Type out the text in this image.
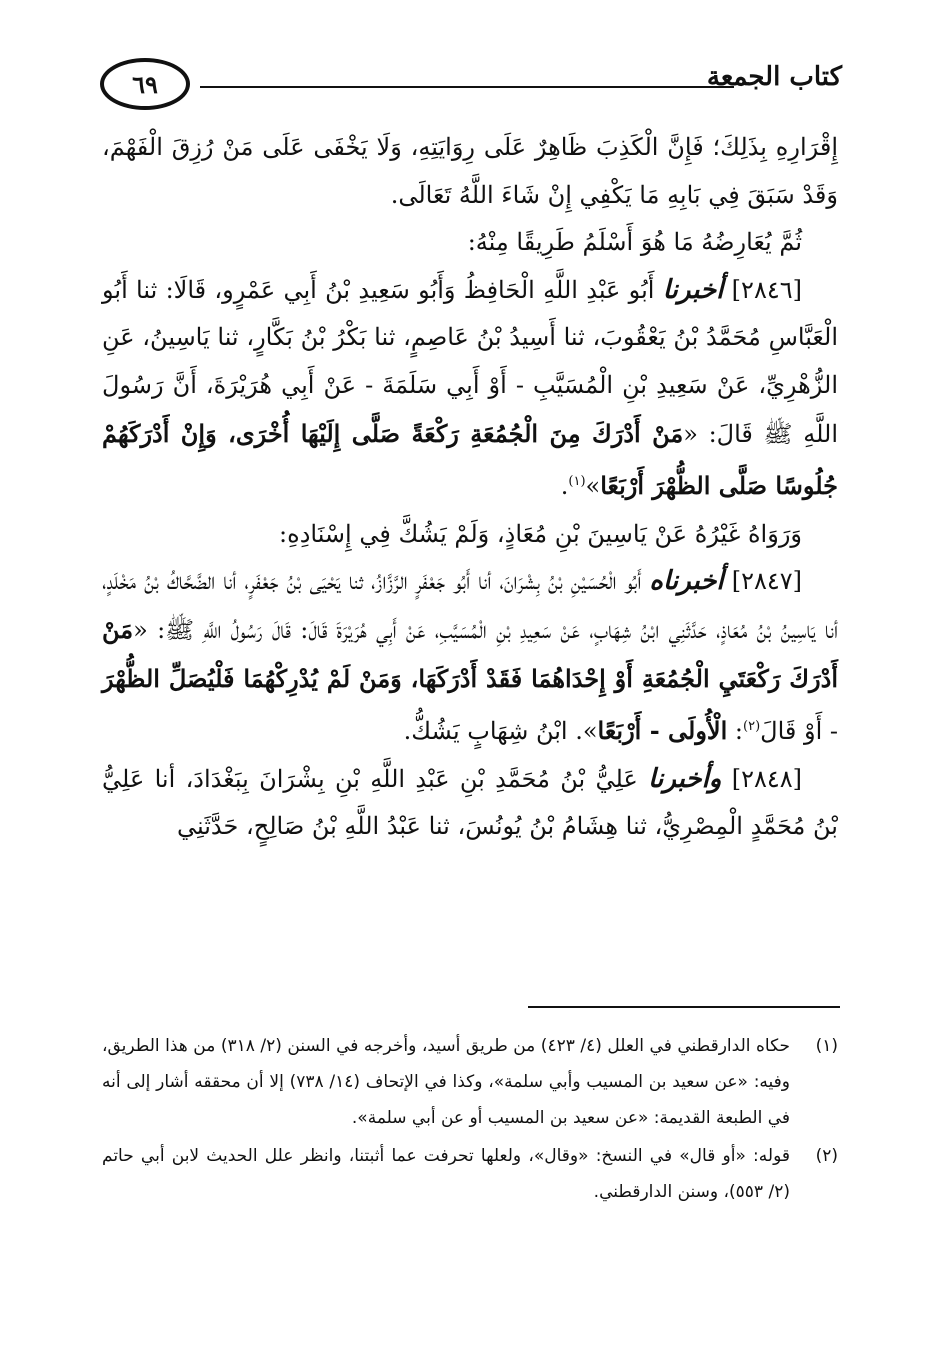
٦٩	كتاب الجمعة

إِقْرَارِهِ بِذَلِكَ؛ فَإِنَّ الْكَذِبَ ظَاهِرٌ عَلَى رِوَايَتِهِ، وَلَا يَخْفَى عَلَى مَنْ رُزِقَ الْفَهْمَ، وَقَدْ سَبَقَ فِي بَابِهِ مَا يَكْفِي إِنْ شَاءَ اللَّهُ تَعَالَى.

ثُمَّ يُعَارِضُهُ مَا هُوَ أَسْلَمُ طَرِيقًا مِنْهُ:

[٢٨٤٦] أخبرنا أَبُو عَبْدِ اللَّهِ الْحَافِظُ وَأَبُو سَعِيدِ بْنُ أَبِي عَمْرٍو، قَالَا: ثنا أَبُو الْعَبَّاسِ مُحَمَّدُ بْنُ يَعْقُوبَ، ثنا أَسِيدُ بْنُ عَاصِمٍ، ثنا بَكْرُ بْنُ بَكَّارٍ، ثنا يَاسِينُ، عَنِ الزُّهْرِيِّ، عَنْ سَعِيدِ بْنِ الْمُسَيَّبِ - أَوْ أَبِي سَلَمَةَ - عَنْ أَبِي هُرَيْرَةَ، أَنَّ رَسُولَ اللَّهِ ﷺ قَالَ: «مَنْ أَدْرَكَ مِنَ الْجُمُعَةِ رَكْعَةً صَلَّى إِلَيْهَا أُخْرَى، وَإِنْ أَدْرَكَهُمْ جُلُوسًا صَلَّى الظُّهْرَ أَرْبَعًا»$^{(١)}$.

وَرَوَاهُ غَيْرُهُ عَنْ يَاسِينَ بْنِ مُعَاذٍ، وَلَمْ يَشُكَّ فِي إِسْنَادِهِ:

[٢٨٤٧] أخبرناه أَبُو الْحُسَيْنِ بْنُ بِشْرَانَ، أنا أَبُو جَعْفَرٍ الرَّزَّازُ، ثنا يَحْيَى بْنُ جَعْفَرٍ، أنا الضَّحَّاكُ بْنُ مَخْلَدٍ، أنا يَاسِينُ بْنُ مُعَاذٍ، حَدَّثَنِي ابْنُ شِهَابٍ، عَنْ سَعِيدِ بْنِ الْمُسَيَّبِ، عَنْ أَبِي هُرَيْرَةَ قَالَ: قَالَ رَسُولُ اللَّهِ ﷺ: «مَنْ أَدْرَكَ رَكْعَتَيِ الْجُمُعَةِ أَوْ إِحْدَاهُمَا فَقَدْ أَدْرَكَهَا، وَمَنْ لَمْ يُدْرِكْهُمَا فَلْيُصَلِّ الظُّهْرَ - أَوْ قَالَ$^{(٢)}$: الْأُولَى - أَرْبَعًا». ابْنُ شِهَابٍ يَشُكُّ.

[٢٨٤٨] وأخبرنا عَلِيُّ بْنُ مُحَمَّدِ بْنِ عَبْدِ اللَّهِ بْنِ بِشْرَانَ بِبَغْدَادَ، أنا عَلِيُّ بْنُ مُحَمَّدٍ الْمِصْرِيُّ، ثنا هِشَامُ بْنُ يُونُسَ، ثنا عَبْدُ اللَّهِ بْنُ صَالِحٍ، حَدَّثَنِي

(١)
حكاه الدارقطني في العلل (٤/ ٤٢٣) من طريق أسيد، وأخرجه في السنن (٢/ ٣١٨) من هذا الطريق، وفيه: «عن سعيد بن المسيب وأبي سلمة»، وكذا في الإتحاف (١٤/ ٧٣٨) إلا أن محققه أشار إلى أنه في الطبعة القديمة: «عن سعيد بن المسيب أو عن أبي سلمة».
(٢)
قوله: «أو قال» في النسخ: «وقال»، ولعلها تحرفت عما أثبتنا، وانظر علل الحديث لابن أبي حاتم (٢/ ٥٥٣)، وسنن الدارقطني.
